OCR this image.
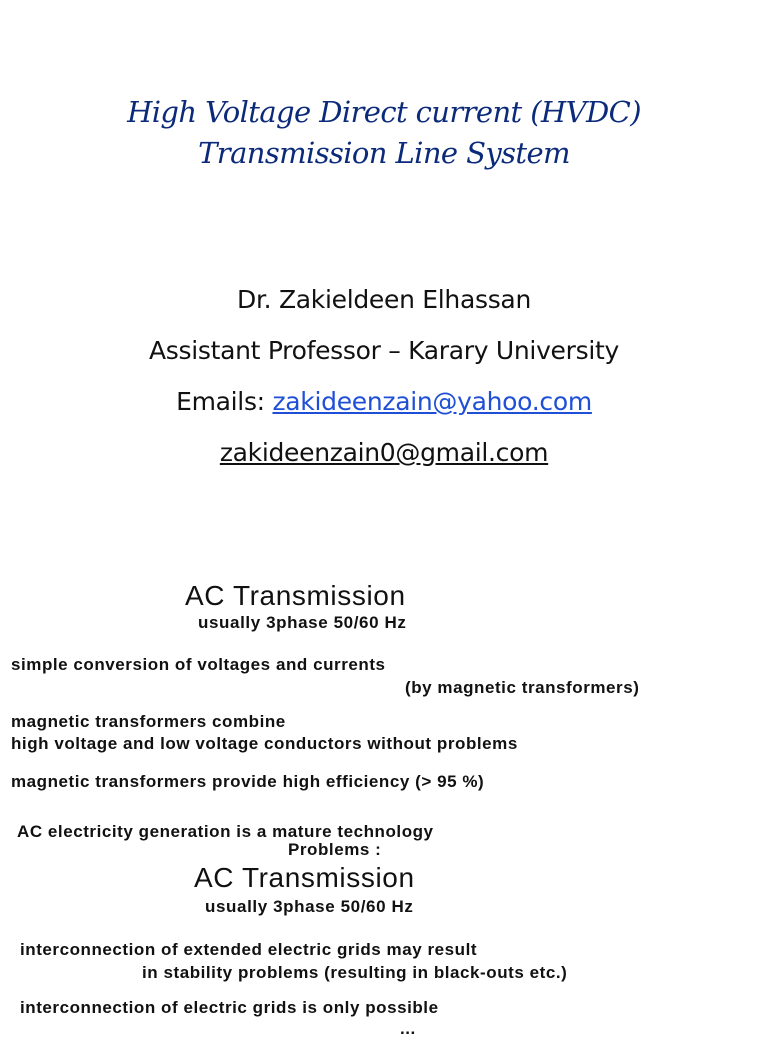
High Voltage Direct current (HVDC)
Transmission Line System
Dr. Zakieldeen Elhassan
Assistant Professor – Karary University
Emails: zakideenzain@yahoo.com
zakideenzain0@gmail.com
AC Transmission
usually 3phase 50/60 Hz
simple conversion of voltages and currents
(by magnetic transformers)
magnetic transformers combine
high voltage and low voltage conductors without problems
magnetic transformers provide high efficiency (> 95 %)
AC electricity generation is a mature technology
Problems :
AC Transmission
usually 3phase 50/60 Hz
interconnection of extended electric grids may result
in stability problems (resulting in black-outs etc.)
interconnection of electric grids is only possible
...
